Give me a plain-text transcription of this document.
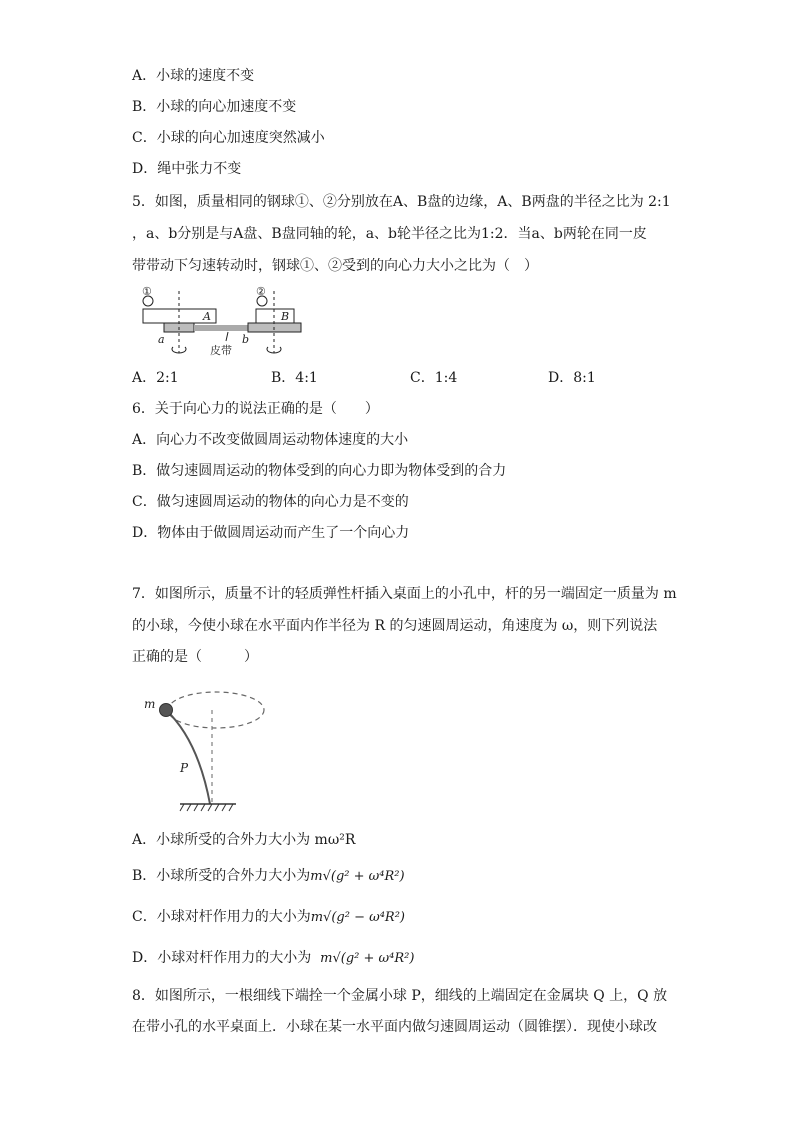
A．小球的速度不变
B．小球的向心加速度不变
C．小球的向心加速度突然减小
D．绳中张力不变
5．如图，质量相同的钢球①、②分别放在A、B盘的边缘，A、B两盘的半径之比为 2:1
，a、b分别是与A盘、B盘同轴的轮，a、b轮半径之比为1:2．当a、b两轮在同一皮
带带动下匀速转动时，钢球①、②受到的向心力大小之比为（　）
①
A
②
B
a	b
皮带
A．2:1	B．4:1	C．1:4	D．8:1
6．关于向心力的说法正确的是（　　）
A．向心力不改变做圆周运动物体速度的大小
B．做匀速圆周运动的物体受到的向心力即为物体受到的合力
C．做匀速圆周运动的物体的向心力是不变的
D．物体由于做圆周运动而产生了一个向心力
7．如图所示，质量不计的轻质弹性杆插入桌面上的小孔中，杆的另一端固定一质量为 m
的小球，今使小球在水平面内作半径为 R 的匀速圆周运动，角速度为 ω，则下列说法
正确的是（　　　）
m
P
A．小球所受的合外力大小为 mω²R
B．小球所受的合外力大小为m√(g² + ω⁴R²)
C．小球对杆作用力的大小为m√(g² − ω⁴R²)
D．小球对杆作用力的大小为 m√(g² + ω⁴R²)
8．如图所示，一根细线下端拴一个金属小球 P，细线的上端固定在金属块 Q 上，Q 放
在带小孔的水平桌面上．小球在某一水平面内做匀速圆周运动（圆锥摆）．现使小球改
